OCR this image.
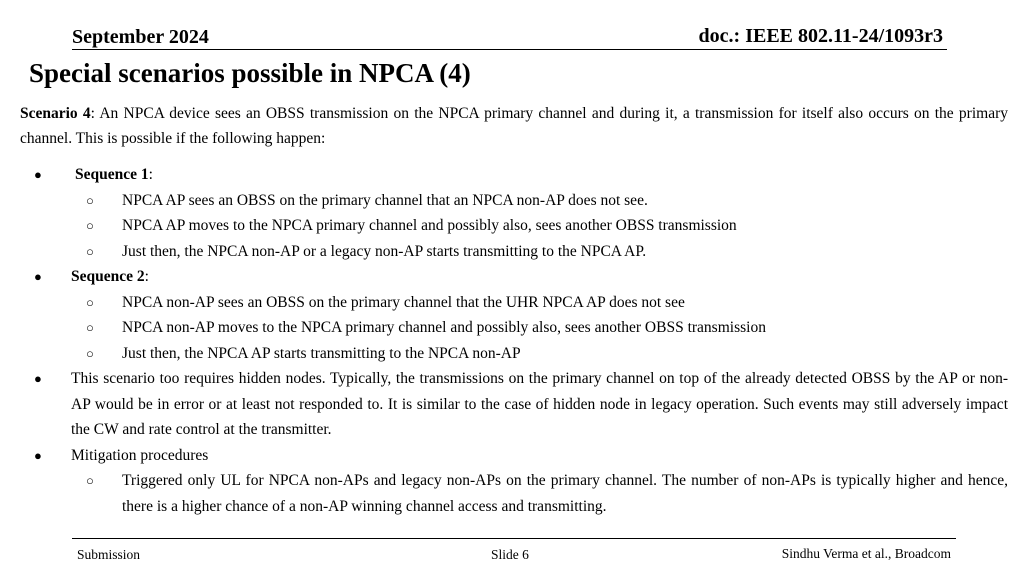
September 2024	doc.: IEEE 802.11-24/1093r3
Special scenarios possible in NPCA (4)

Scenario 4: An NPCA device sees an OBSS transmission on the NPCA primary channel and during it, a transmission for itself also occurs on the primary channel. This is possible if the following happen:

● Sequence 1:
○ NPCA AP sees an OBSS on the primary channel that an NPCA non-AP does not see.
○ NPCA AP moves to the NPCA primary channel and possibly also, sees another OBSS transmission
○ Just then, the NPCA non-AP or a legacy non-AP starts transmitting to the NPCA AP.
● Sequence 2:
○ NPCA non-AP sees an OBSS on the primary channel that the UHR NPCA AP does not see
○ NPCA non-AP moves to the NPCA primary channel and possibly also, sees another OBSS transmission
○ Just then, the NPCA AP starts transmitting to the NPCA non-AP
● This scenario too requires hidden nodes. Typically, the transmissions on the primary channel on top of the already detected OBSS by the AP or non-AP would be in error or at least not responded to. It is similar to the case of hidden node in legacy operation. Such events may still adversely impact the CW and rate control at the transmitter.
● Mitigation procedures
○ Triggered only UL for NPCA non-APs and legacy non-APs on the primary channel. The number of non-APs is typically higher and hence, there is a higher chance of a non-AP winning channel access and transmitting.
Submission	Slide 6	Sindhu Verma et al., Broadcom
